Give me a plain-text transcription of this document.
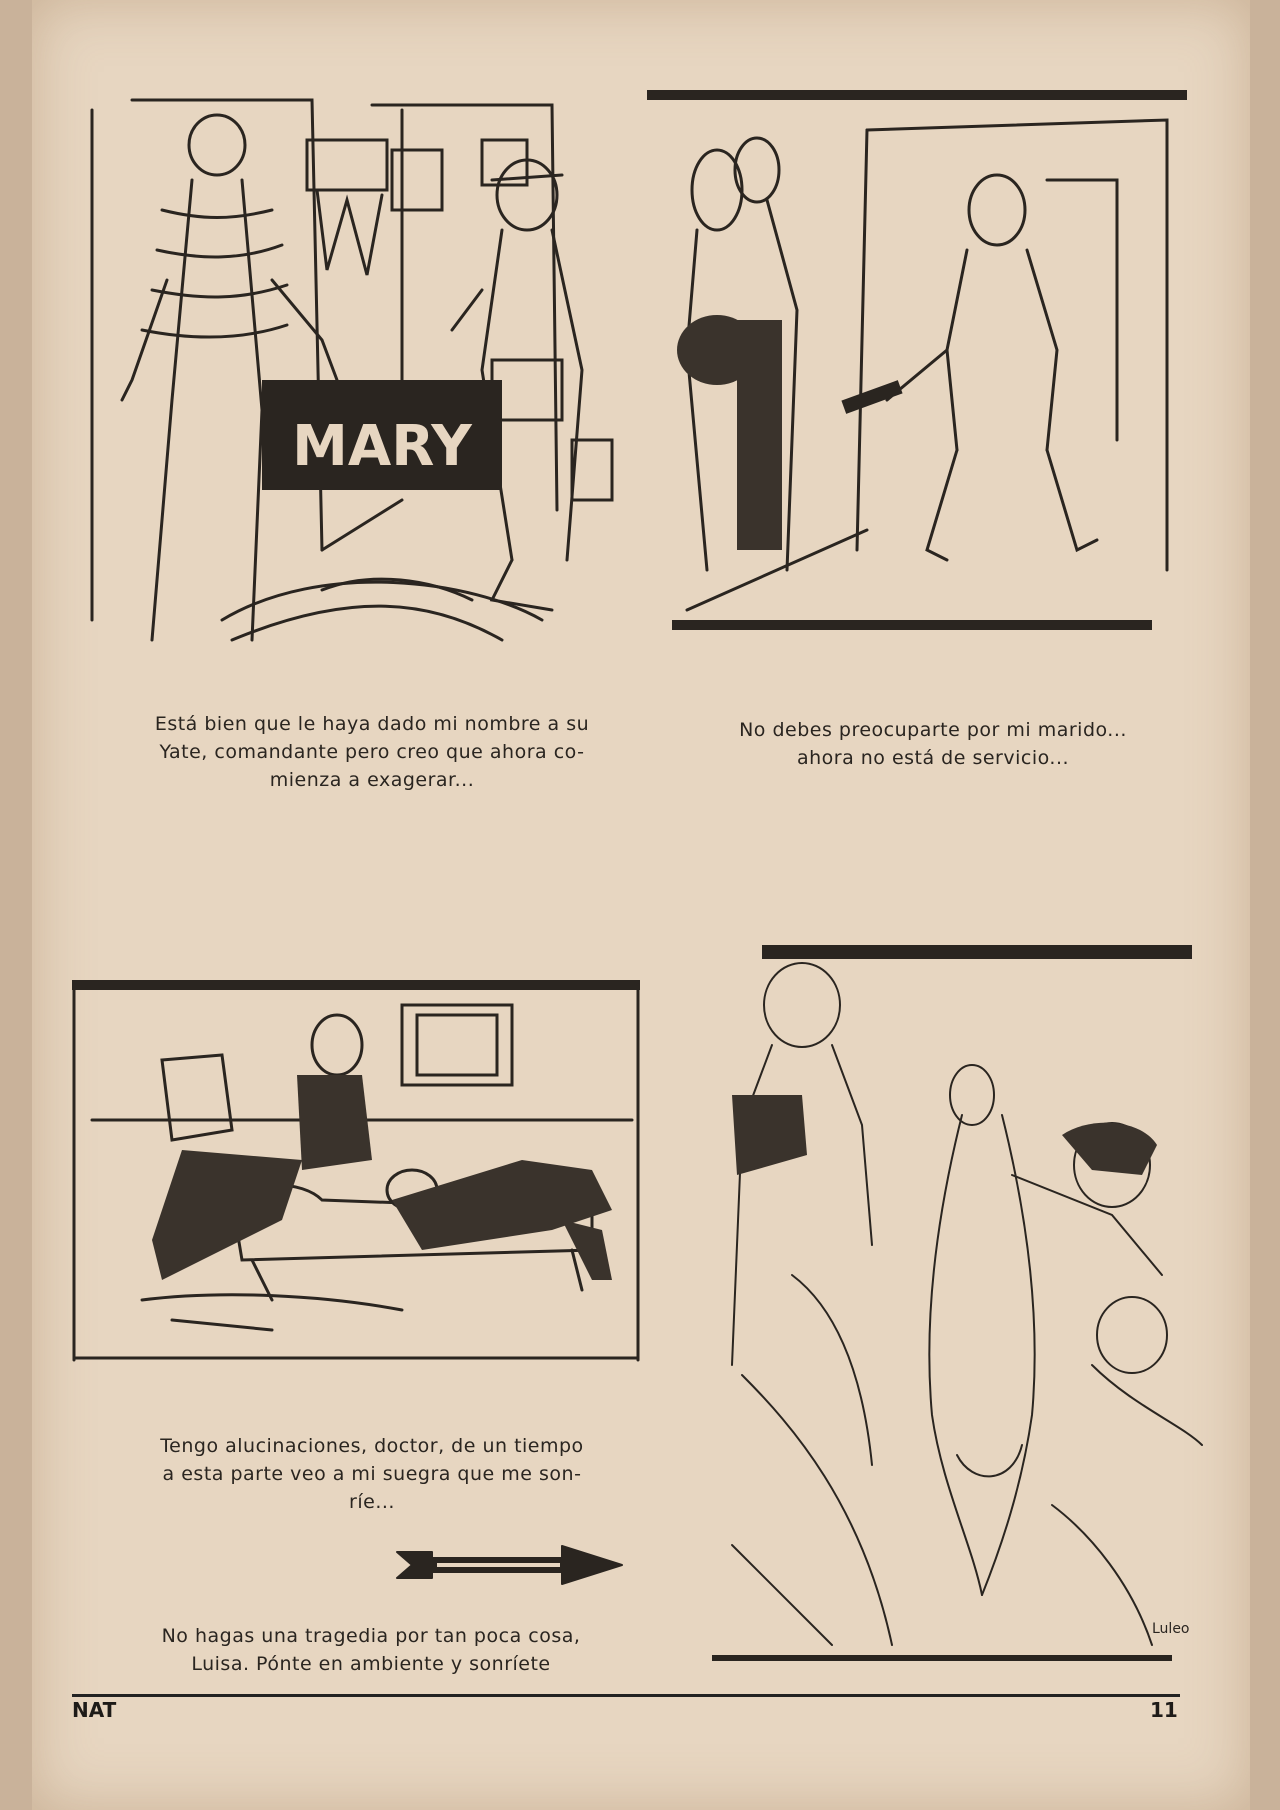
MARY
Está bien que le haya dado mi nombre a su
Yate, comandante pero creo que ahora co-
mienza a exagerar...
No debes preocuparte por mi marido...
ahora no está de servicio...
Tengo alucinaciones, doctor, de un tiempo
a esta parte veo a mi suegra que me son-
ríe...
No hagas una tragedia por tan poca cosa,
Luisa. Pónte en ambiente y sonríete
Luleo
NAT	11
